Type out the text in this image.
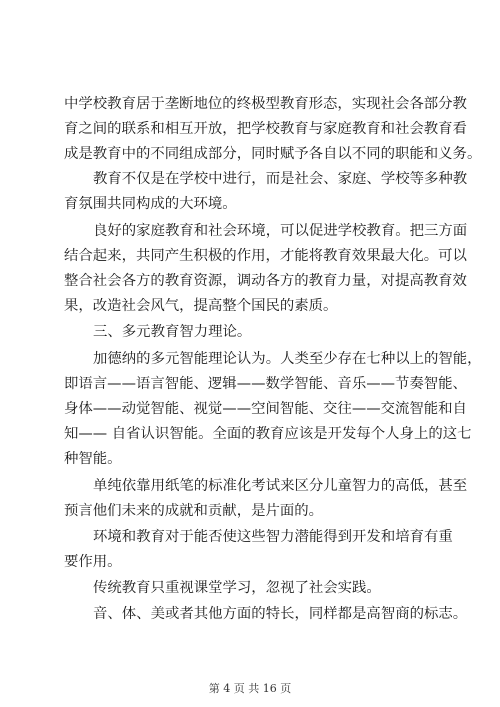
中学校教育居于垄断地位的终极型教育形态，实现社会各部分教
育之间的联系和相互开放，把学校教育与家庭教育和社会教育看
成是教育中的不同组成部分，同时赋予各自以不同的职能和义务。
教育不仅是在学校中进行，而是社会、家庭、学校等多种教
育氛围共同构成的大环境。
良好的家庭教育和社会环境，可以促进学校教育。把三方面
结合起来，共同产生积极的作用，才能将教育效果最大化。可以
整合社会各方的教育资源，调动各方的教育力量，对提高教育效
果，改造社会风气，提高整个国民的素质。
三、多元教育智力理论。
加德纳的多元智能理论认为。人类至少存在七种以上的智能，
即语言——语言智能、逻辑——数学智能、音乐——节奏智能、
身体——动觉智能、视觉——空间智能、交往——交流智能和自
知—— 自省认识智能。全面的教育应该是开发每个人身上的这七
种智能。
单纯依靠用纸笔的标准化考试来区分儿童智力的高低，甚至
预言他们未来的成就和贡献，是片面的。
环境和教育对于能否使这些智力潜能得到开发和培育有重
要作用。
传统教育只重视课堂学习，忽视了社会实践。
音、体、美或者其他方面的特长，同样都是高智商的标志。
第 4 页 共 16 页
